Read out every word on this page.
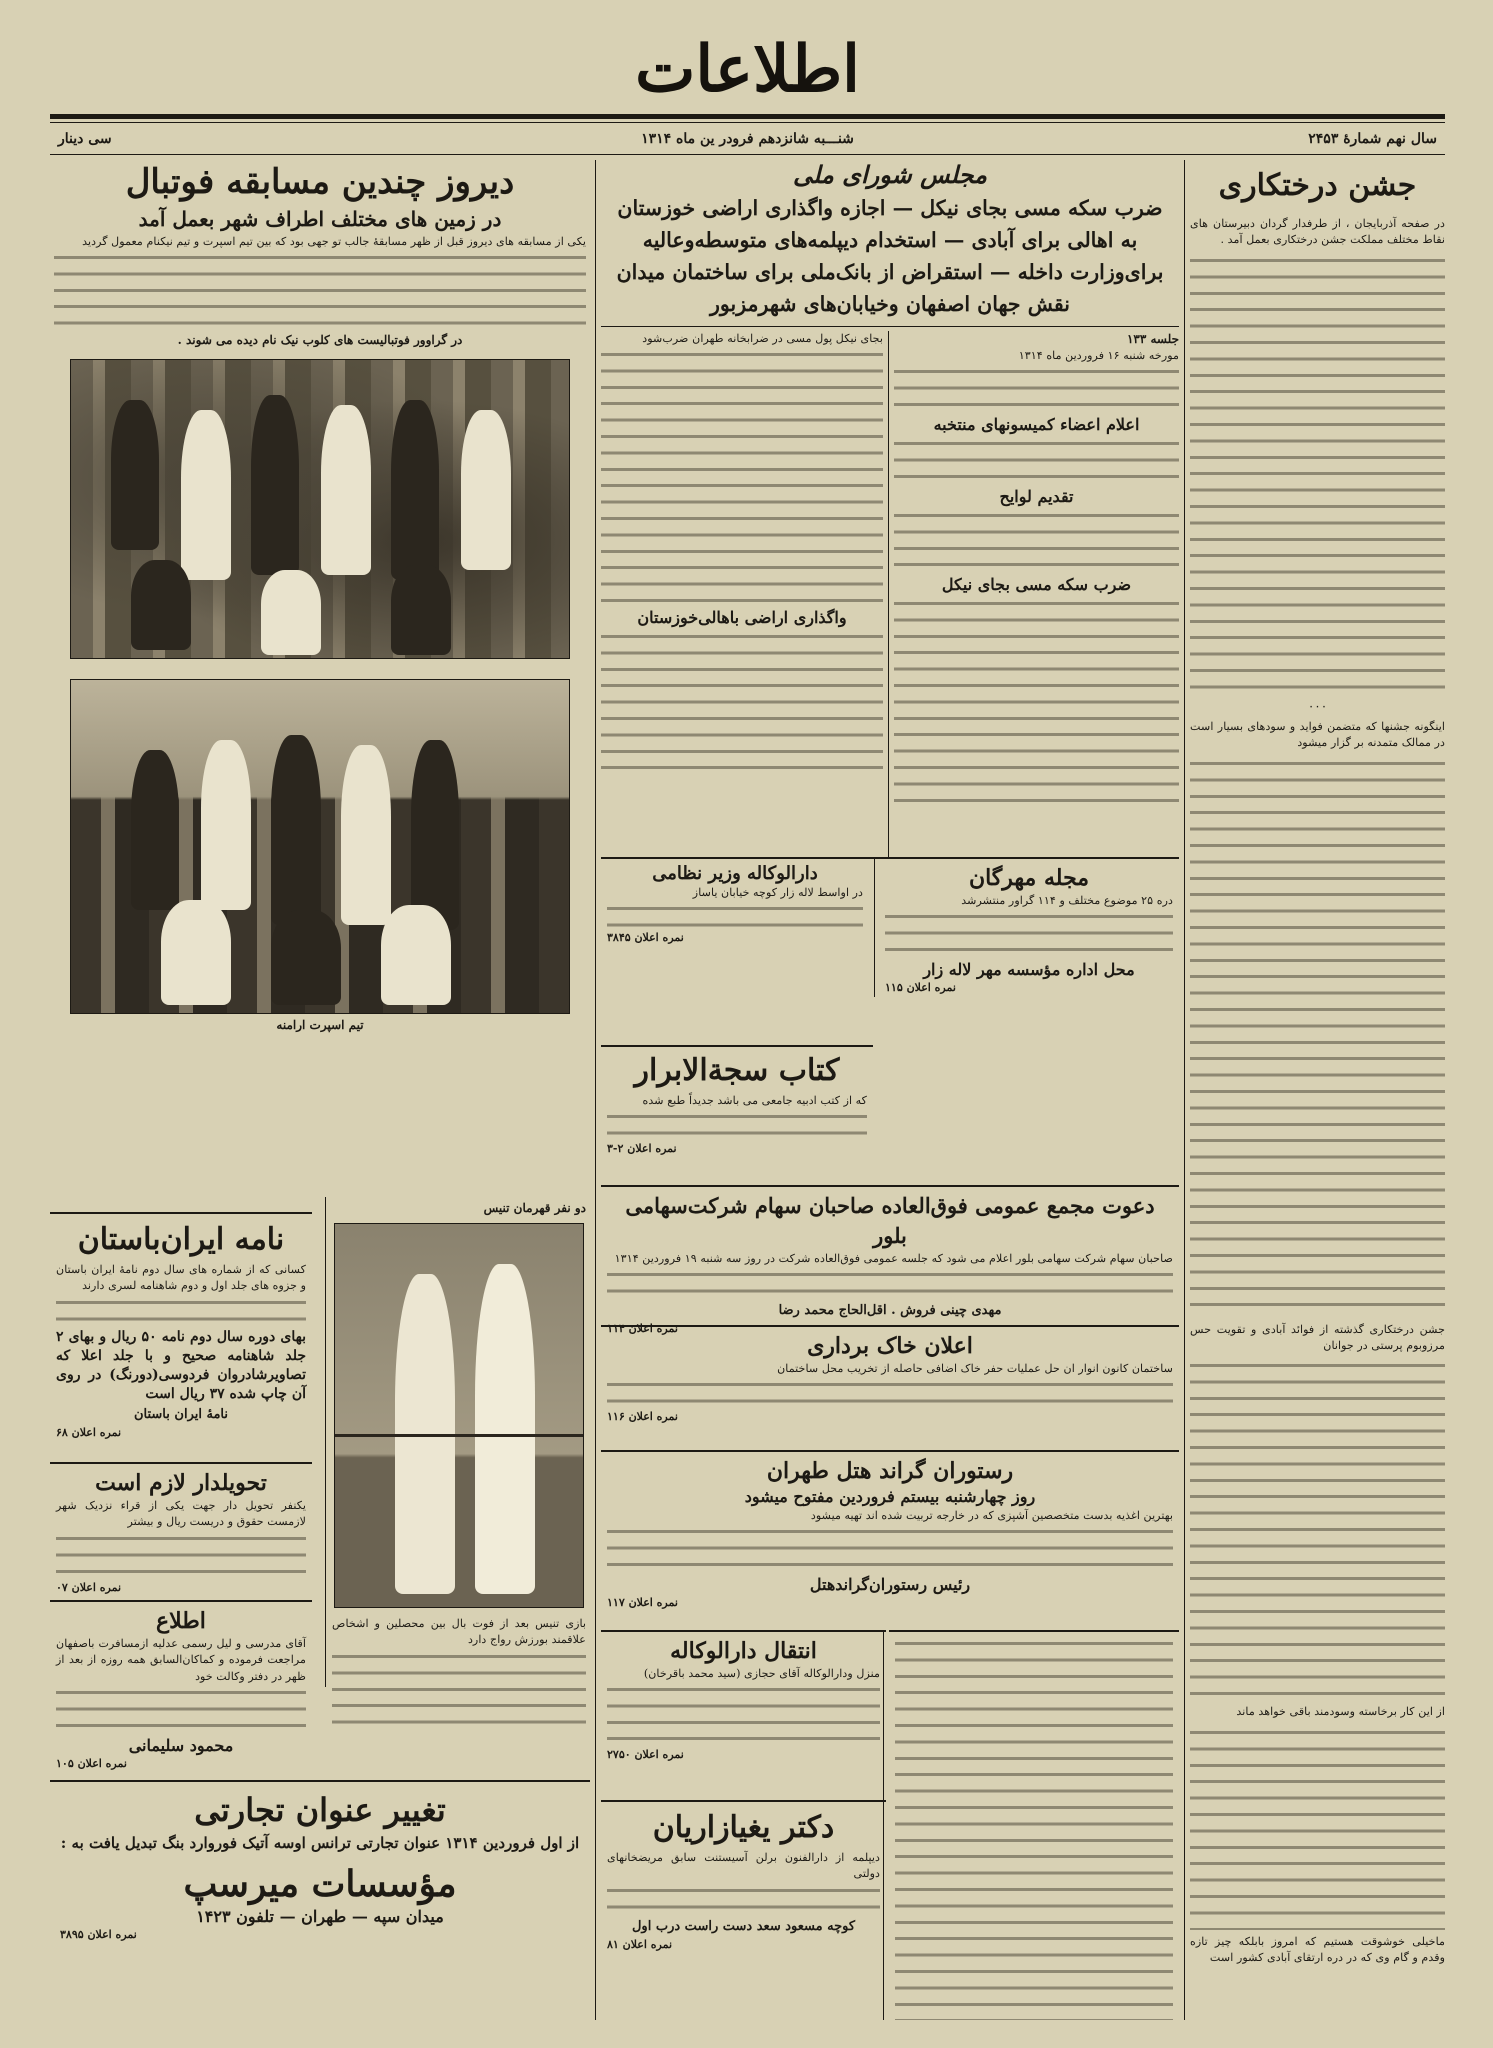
اطلاعات
سال نهم شمارهٔ ۲۴۵۳
شنـــبه شانزدهم فرودر ین ماه ۱۳۱۴
سی دینار
جشن درختکاری
در صفحه آذربایجان ، از طرفدار گردان دبیرستان های نقاط مختلف مملکت جشن درختکاری بعمل آمد .
۰۰۰
اینگونه جشنها که متضمن فواید و سودهای بسیار است در ممالک متمدنه بر گزار میشود
جشن درختکاری گذشته از فوائد آبادی و تقویت حس مرزوبوم پرستی در جوانان
از این کار برخاسته وسودمند باقی خواهد ماند
ماخیلی خوشوقت هستیم که امروز بابلکه چیز تازه وقدم و گام وی که در دره ارتقای آبادی کشور است
مجلس شورای ملی
ضرب سکه مسی بجای نیکل — اجازه واگذاری اراضی خوزستان به اهالی برای آبادی — استخدام دیپلمه‌های متوسطه‌وعالیه برای‌وزارت داخله — استقراض از بانک‌ملی برای ساختمان میدان نقش جهان اصفهان وخیابان‌های شهرمزبور
جلسه ۱۳۳
مورخه شنبه ۱۶ فروردین ماه ۱۳۱۴
اعلام اعضاء کمیسونهای منتخبه
تقدیم لوایح
ضرب سکه مسی بجای نیکل
بجای نیکل پول مسی در ضرابخانه طهران ضرب‌شود
واگذاری اراضی باهالی‌خوزستان
مجله مهرگان
دره ۲۵ موضوع مختلف و ۱۱۴ گراور منتشرشد
محل اداره مؤسسه مهر لاله زار
نمره اعلان ۱۱۵
دارالوکاله وزیر نظامی
در اواسط لاله زار کوچه خیابان یاساز
نمره اعلان ۳۸۴۵
کتاب سجةالابرار
که از کتب ادبیه جامعی می باشد جدیداً طبع شده
نمره اعلان ۲-۳
دعوت مجمع عمومی فوق‌العاده صاحبان سهام شرکت‌سهامی بلور
صاحبان سهام شرکت سهامی بلور اعلام می شود که جلسه عمومی فوق‌العاده شرکت در روز سه شنبه ۱۹ فروردین ۱۳۱۴
مهدی چینی فروش . اقل‌الحاج محمد رضا
نمره اعلان ۱۱۴
اعلان خاک برداری
ساختمان کانون انوار ان حل عملیات حفر خاک اضافی حاصله از تخریب محل ساختمان
نمره اعلان ۱۱۶
رستوران گراند هتل طهران
روز چهارشنبه بیستم فروردین مفتوح میشود
بهترین اغذیه بدست متخصصین آشپزی که در خارجه تربیت شده اند تهیه میشود
رئیس رستوران‌گراندهتل
نمره اعلان ۱۱۷
انتقال دارالوکاله
منزل ودارالوکاله آقای حجازی (سید محمد باقرخان)
نمره اعلان ۲۷۵۰
دکتر یغیازاریان
دیپلمه از دارالفنون برلن آسیستنت سابق مریضخانهای دولتی
کوچه مسعود سعد دست راست درب اول
نمره اعلان ۸۱
دیروز چندین مسابقه فوتبال
در زمین های مختلف اطراف شهر بعمل آمد
یکی از مسابقه های دیروز قبل از ظهر مسابقهٔ جالب تو جهی بود که بین تیم اسپرت و تیم نیکنام معمول گردید
در گراوور فوتبالیست های کلوب نیک نام دیده می شوند .
تیم اسپرت ارامنه
دو نفر قهرمان تنیس
بازی تنیس بعد از فوت بال بین محصلین و اشخاص علاقمند بورزش رواج دارد
نامه ایران‌باستان
کسانی که از شماره های سال دوم نامهٔ ایران باستان و جزوه های جلد اول و دوم شاهنامه لسری دارند
بهای دوره سال دوم نامه ۵۰ ریال و بهای ۲ جلد شاهنامه صحیح و با جلد اعلا که تصاویرشادروان فردوسی(دورنگ) در روی آن چاپ شده ۳۷ ریال است
نامهٔ ایران باستان
نمره اعلان ۶۸
تحویلدار لازم است
یکنفر تحویل دار جهت یکی از قراء نزدیک شهر لازمست حقوق و دریست ریال و بیشتر
نمره اعلان ۰۷
اطلاع
آقای مدرسی و لیل رسمی عدلیه ازمسافرت باصفهان مراجعت فرموده و کماکان‌السابق همه روزه از بعد از ظهر در دفتر وکالت خود
محمود سلیمانی
نمره اعلان ۱۰۵
تغییر عنوان تجارتی
از اول فروردین ۱۳۱۴ عنوان تجارتی ترانس اوسه آتیک فوروارد بنگ تبدیل یافت به :
مؤسسات میرسپ
میدان سپه — طهران — تلفون ۱۴۲۳
نمره اعلان ۳۸۹۵
